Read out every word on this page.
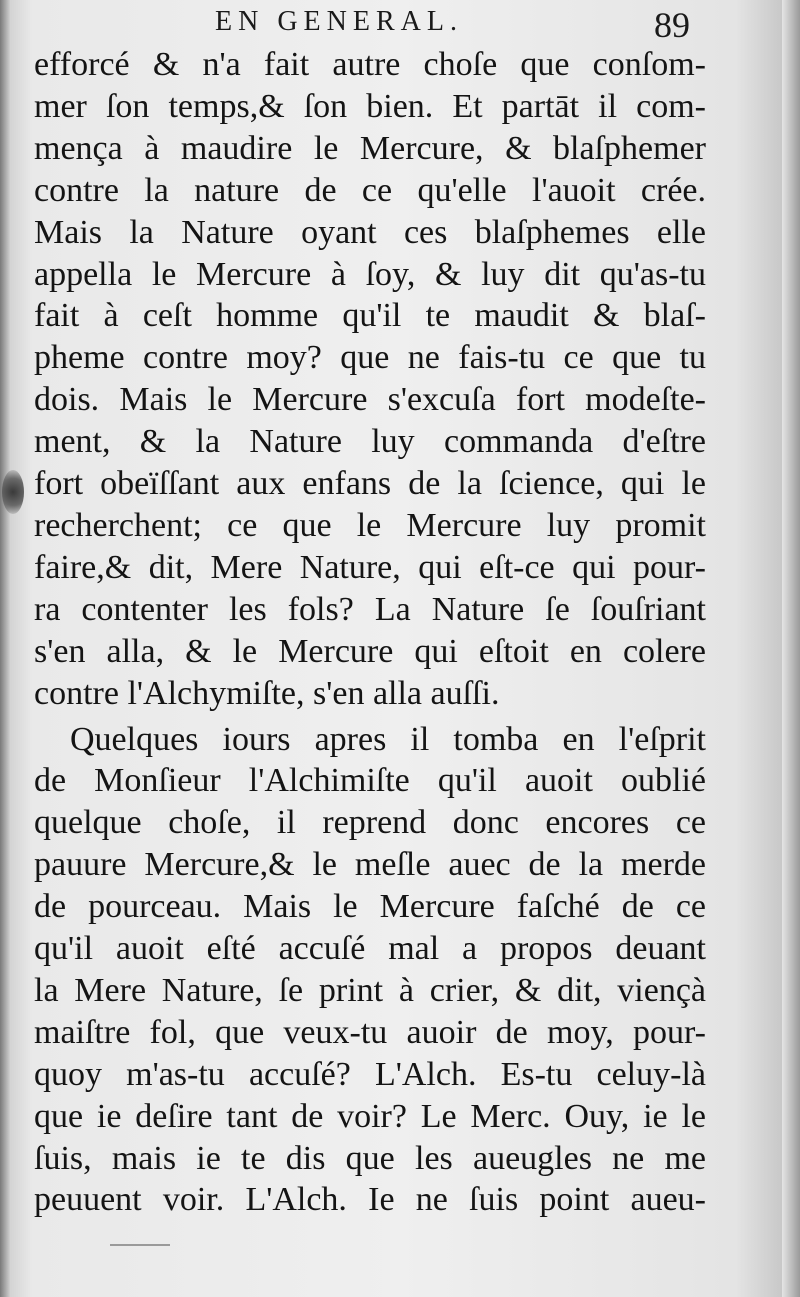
EN GENERAL.	89
efforcé & n'a fait autre choſe que conſom-
mer ſon temps,& ſon bien. Et partāt il com-
mença à maudire le Mercure, & blaſphemer
contre la nature de ce qu'elle l'auoit crée.
Mais la Nature oyant ces blaſphemes elle
appella le Mercure à ſoy, & luy dit qu'as-tu
fait à ceſt homme qu'il te maudit & blaſ-
pheme contre moy? que ne fais-tu ce que tu
dois. Mais le Mercure s'excuſa fort modeſte-
ment, & la Nature luy commanda d'eſtre
fort obeïſſant aux enfans de la ſcience, qui le
recherchent; ce que le Mercure luy promit
faire,& dit, Mere Nature, qui eſt-ce qui pour-
ra contenter les fols? La Nature ſe ſouſriant
s'en alla, & le Mercure qui eſtoit en colere
contre l'Alchymiſte, s'en alla auſſi.
Quelques iours apres il tomba en l'eſprit
de Monſieur l'Alchimiſte qu'il auoit oublié
quelque choſe, il reprend donc encores ce
pauure Mercure,& le meſle auec de la merde
de pourceau. Mais le Mercure faſché de ce
qu'il auoit eſté accuſé mal a propos deuant
la Mere Nature, ſe print à crier, & dit, viençà
maiſtre fol, que veux-tu auoir de moy, pour-
quoy m'as-tu accuſé? L'Alch. Es-tu celuy-là
que ie deſire tant de voir? Le Merc. Ouy, ie le
ſuis, mais ie te dis que les aueugles ne me
peuuent voir. L'Alch. Ie ne ſuis point aueu-
